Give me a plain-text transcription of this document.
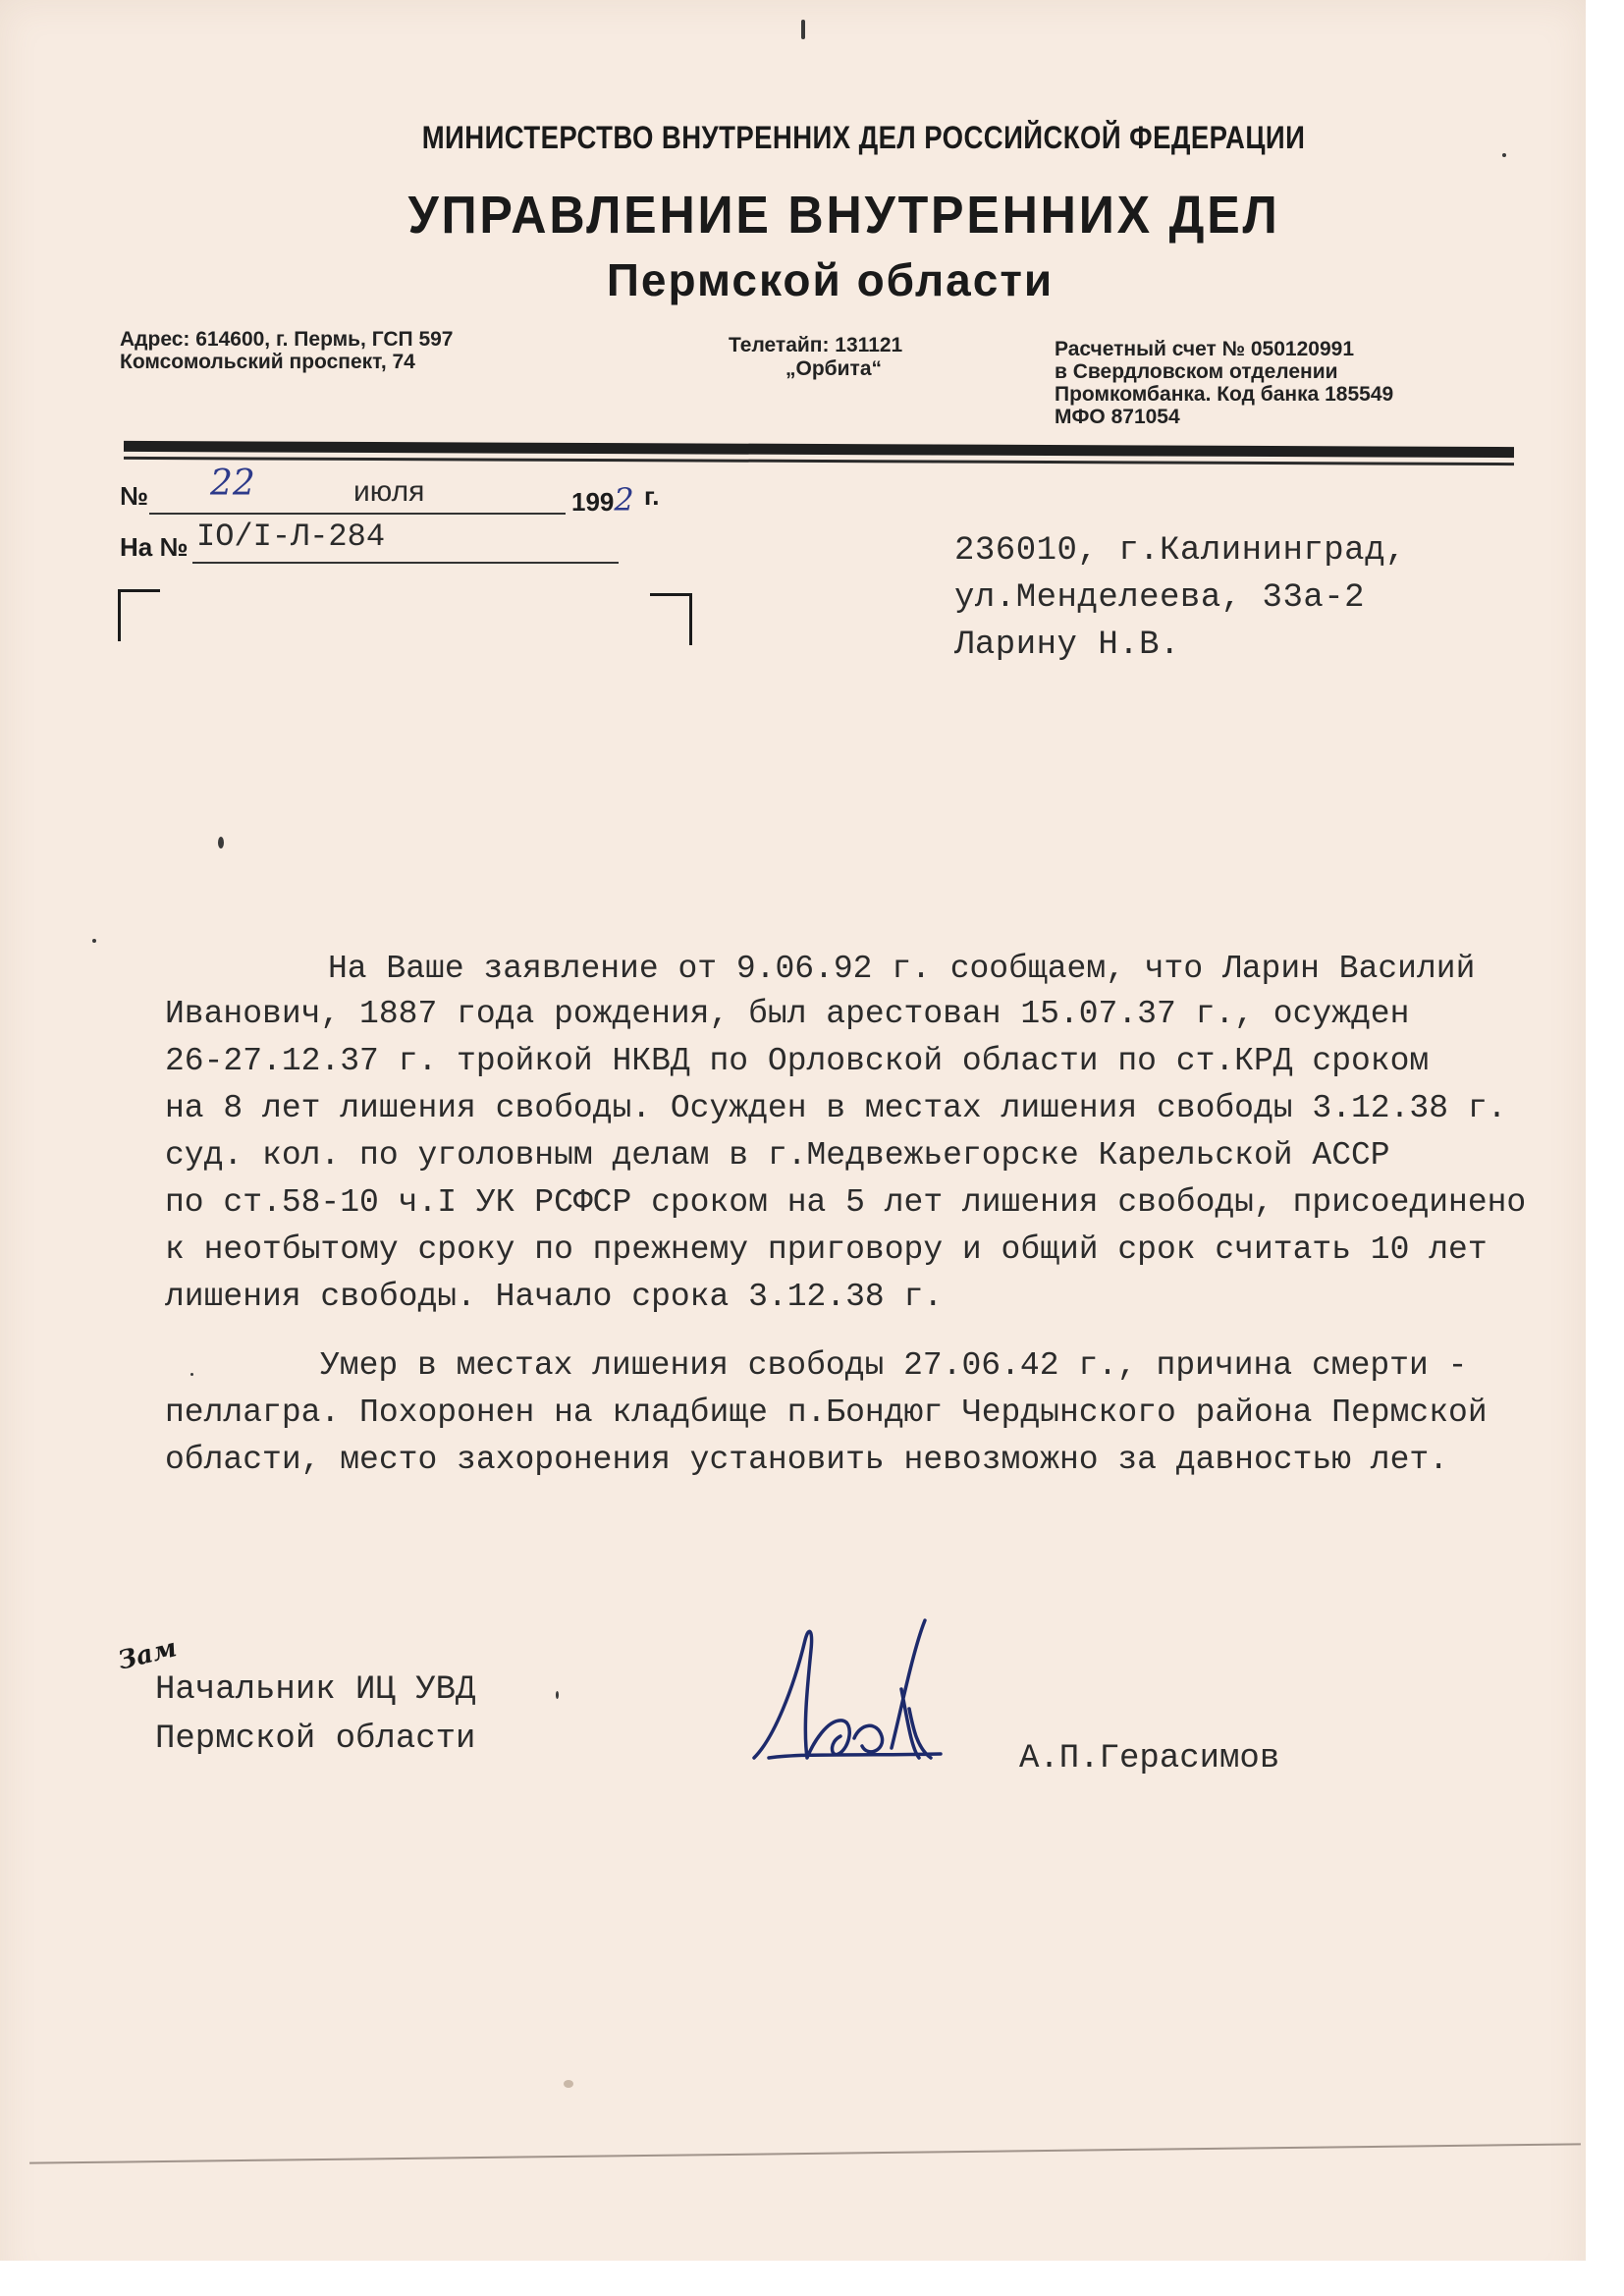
МИНИСТЕРСТВО ВНУТРЕННИХ ДЕЛ РОССИЙСКОЙ ФЕДЕРАЦИИ
УПРАВЛЕНИЕ ВНУТРЕННИХ ДЕЛ
Пермской области
Адрес: 614600, г. Пермь, ГСП 597
Комсомольский проспект, 74
Телетайп: 131121
„Орбита“
Расчетный счет № 050120991
в Свердловском отделении
Промкомбанка. Код банка 185549
МФО 871054
№ 22	июля	1992 г.
На № IO/I-Л-284	236010, г.Калининград,
ул.Менделеева, 33а-2
Ларину Н.В.
На Ваше заявление от 9.06.92 г. сообщаем, что Ларин Василий
Иванович, 1887 года рождения, был арестован 15.07.37 г., осужден
26-27.12.37 г. тройкой НКВД по Орловской области по ст.КРД сроком
на 8 лет лишения свободы. Осужден в местах лишения свободы 3.12.38 г.
суд. кол. по уголовным делам в г.Медвежьегорске Карельской АССР
по ст.58-10 ч.I УК РСФСР сроком на 5 лет лишения свободы, присоединено
к неотбытому сроку по прежнему приговору и общий срок считать 10 лет
лишения свободы. Начало срока 3.12.38 г.
Умер в местах лишения свободы 27.06.42 г., причина смерти -
пеллагра. Похоронен на кладбище п.Бондюг Чердынского района Пермской
области, место захоронения установить невозможно за давностью лет.
Зам
Начальник ИЦ УВД
Пермской области
А.П.Герасимов
